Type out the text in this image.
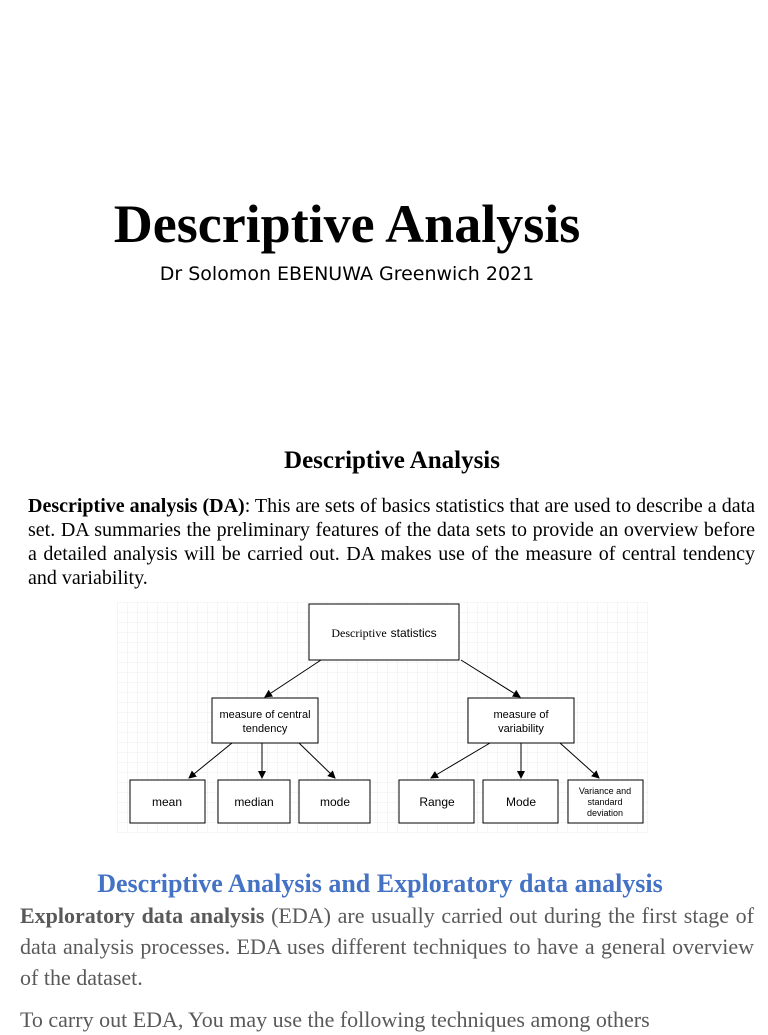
Descriptive Analysis
Dr Solomon EBENUWA Greenwich 2021
Descriptive Analysis
Descriptive analysis (DA): This are sets of basics statistics that are used to describe a data set. DA summaries the preliminary features of the data sets to provide an overview before a detailed analysis will be carried out. DA makes use of the measure of central tendency and variability.
Descriptive statistics
measure of central
tendency
measure of
variability
mean	median	mode	Range	Mode
Variance and
standard
deviation
Descriptive Analysis and Exploratory data analysis
Exploratory data analysis (EDA) are usually carried out during the first stage of data analysis processes. EDA uses different techniques to have a general overview of the dataset.
To carry out EDA, You may use the following techniques among others
